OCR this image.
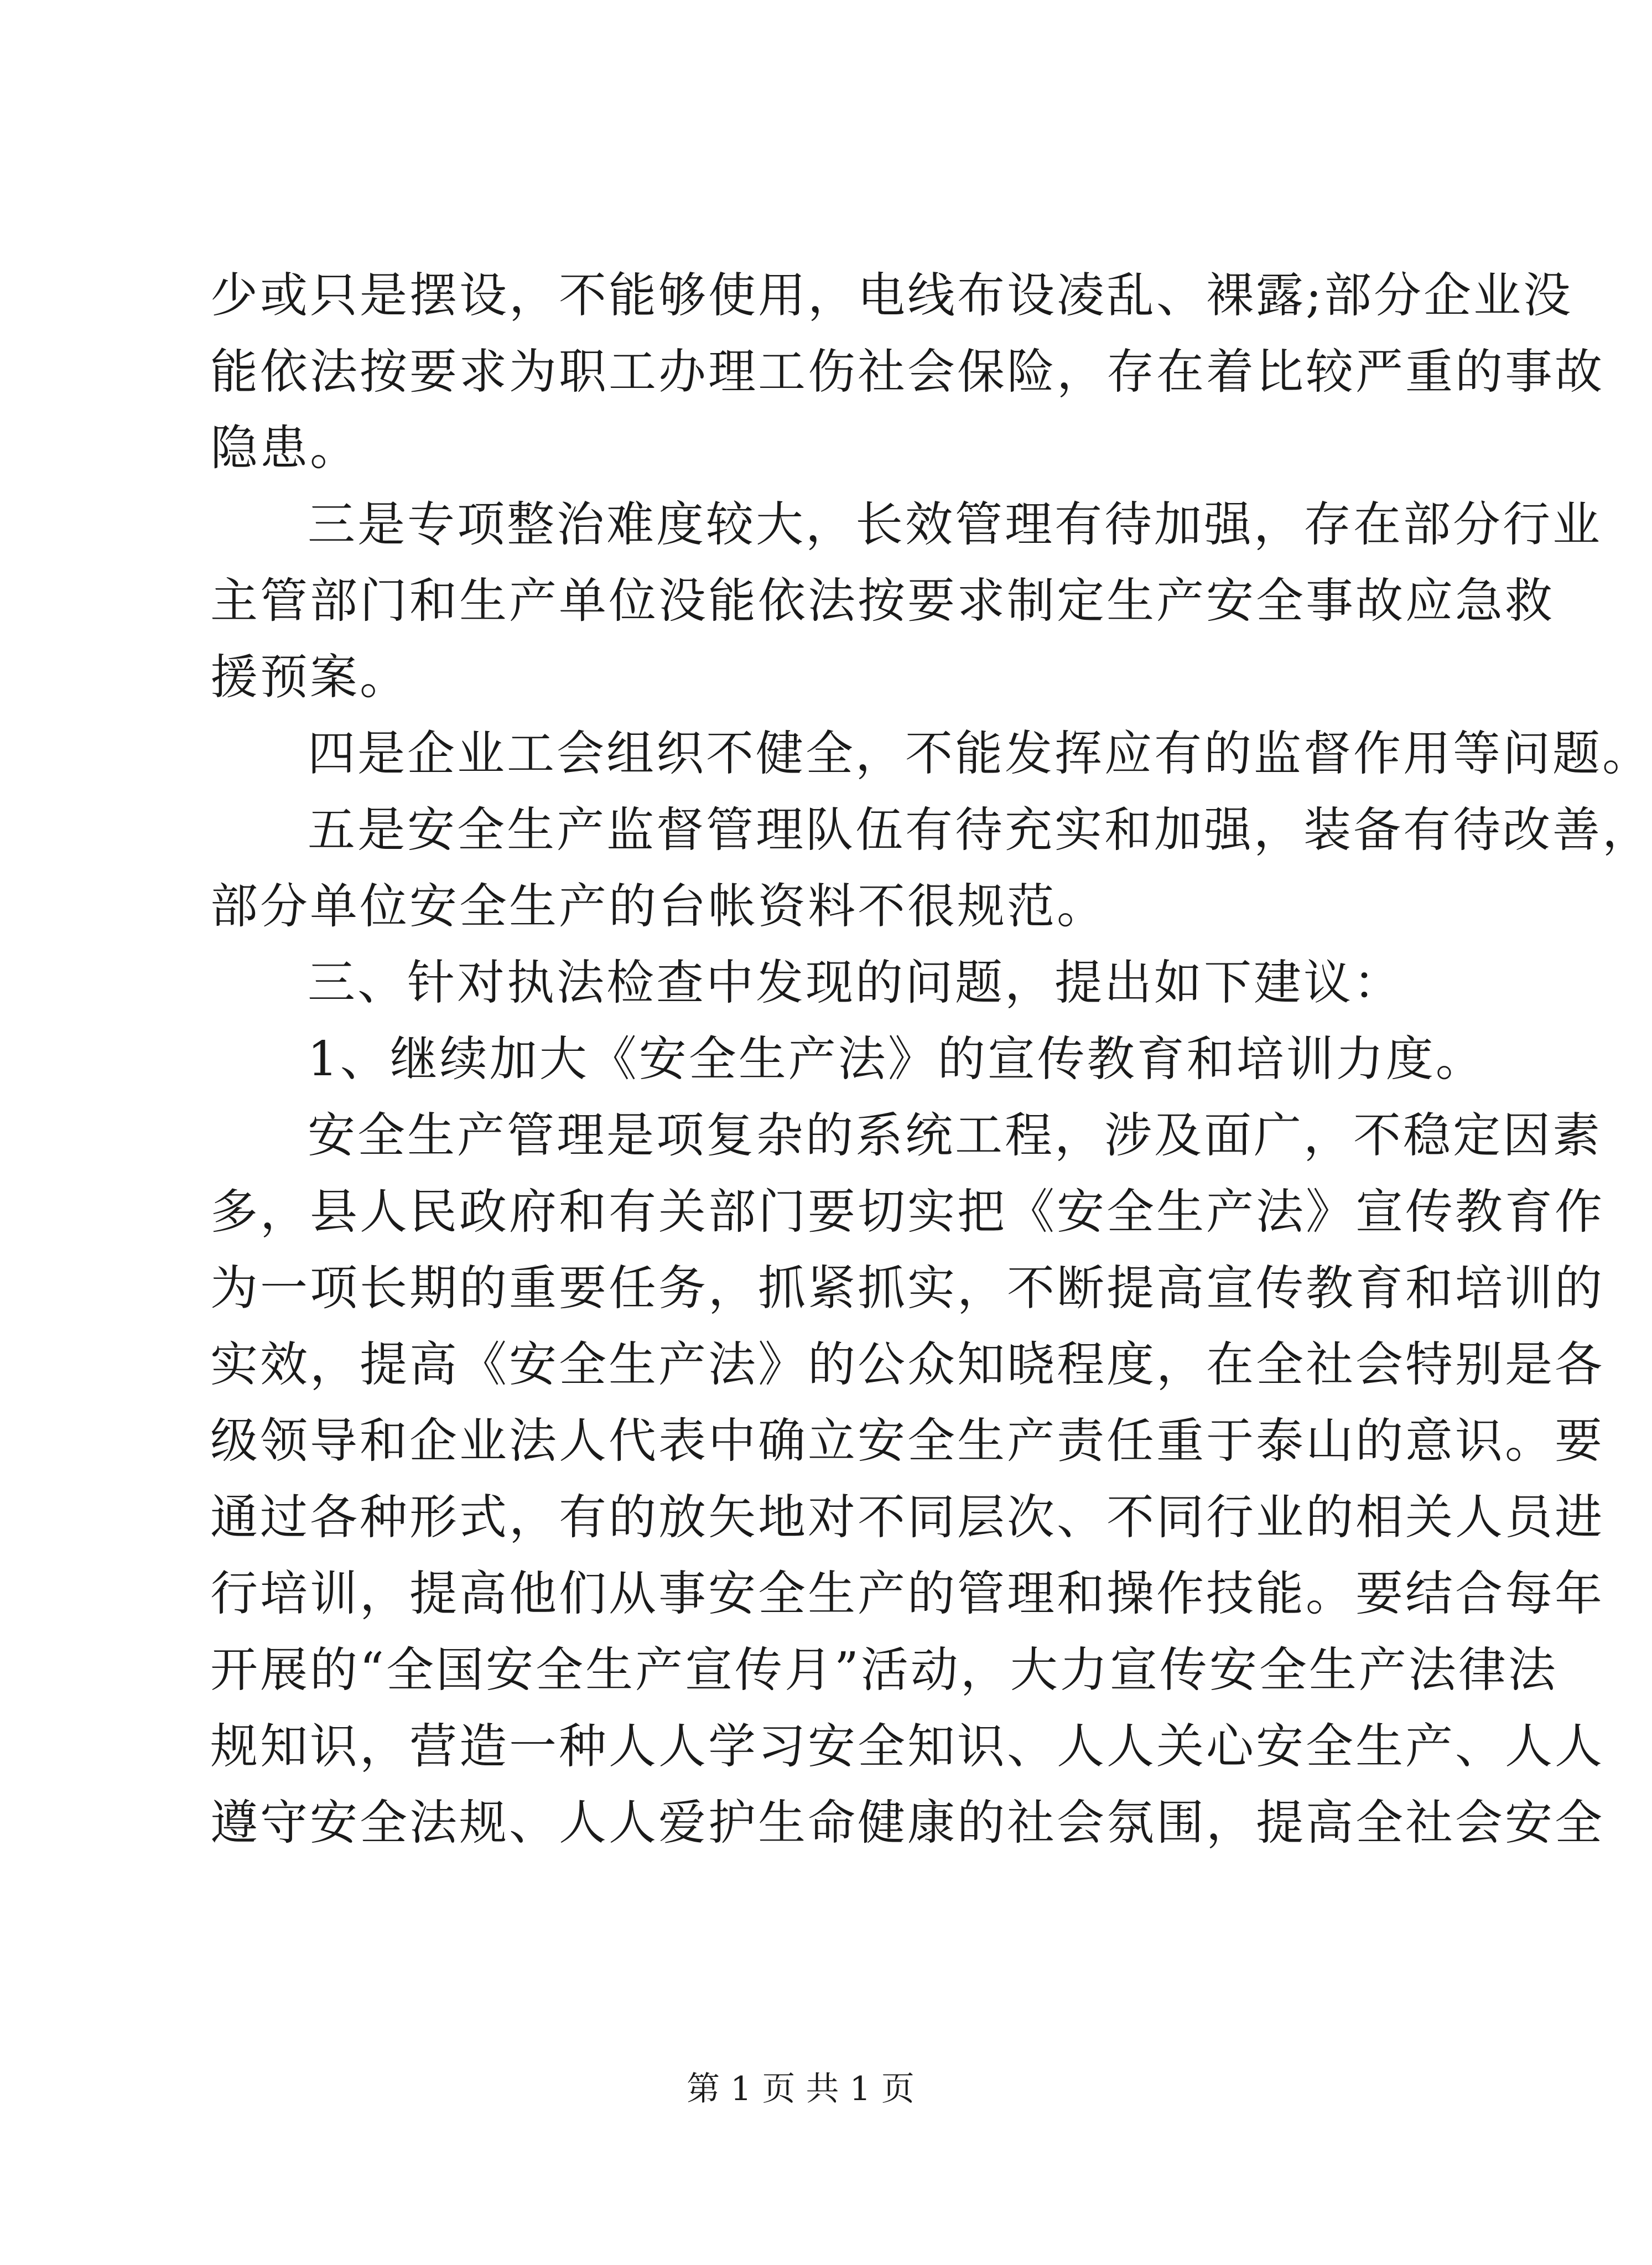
少或只是摆设，不能够使用，电线布设凌乱、裸露;部分企业没
能依法按要求为职工办理工伤社会保险，存在着比较严重的事故
隐患。
三是专项整治难度较大，长效管理有待加强，存在部分行业
主管部门和生产单位没能依法按要求制定生产安全事故应急救
援预案。
四是企业工会组织不健全，不能发挥应有的监督作用等问题。
五是安全生产监督管理队伍有待充实和加强，装备有待改善，
部分单位安全生产的台帐资料不很规范。
三、针对执法检查中发现的问题，提出如下建议：
1、继续加大《安全生产法》的宣传教育和培训力度。
安全生产管理是项复杂的系统工程，涉及面广，不稳定因素
多，县人民政府和有关部门要切实把《安全生产法》宣传教育作
为一项长期的重要任务，抓紧抓实，不断提高宣传教育和培训的
实效，提高《安全生产法》的公众知晓程度，在全社会特别是各
级领导和企业法人代表中确立安全生产责任重于泰山的意识。要
通过各种形式，有的放矢地对不同层次、不同行业的相关人员进
行培训，提高他们从事安全生产的管理和操作技能。要结合每年
开展的“全国安全生产宣传月”活动，大力宣传安全生产法律法
规知识，营造一种人人学习安全知识、人人关心安全生产、人人
遵守安全法规、人人爱护生命健康的社会氛围，提高全社会安全
第 1 页 共 1 页
